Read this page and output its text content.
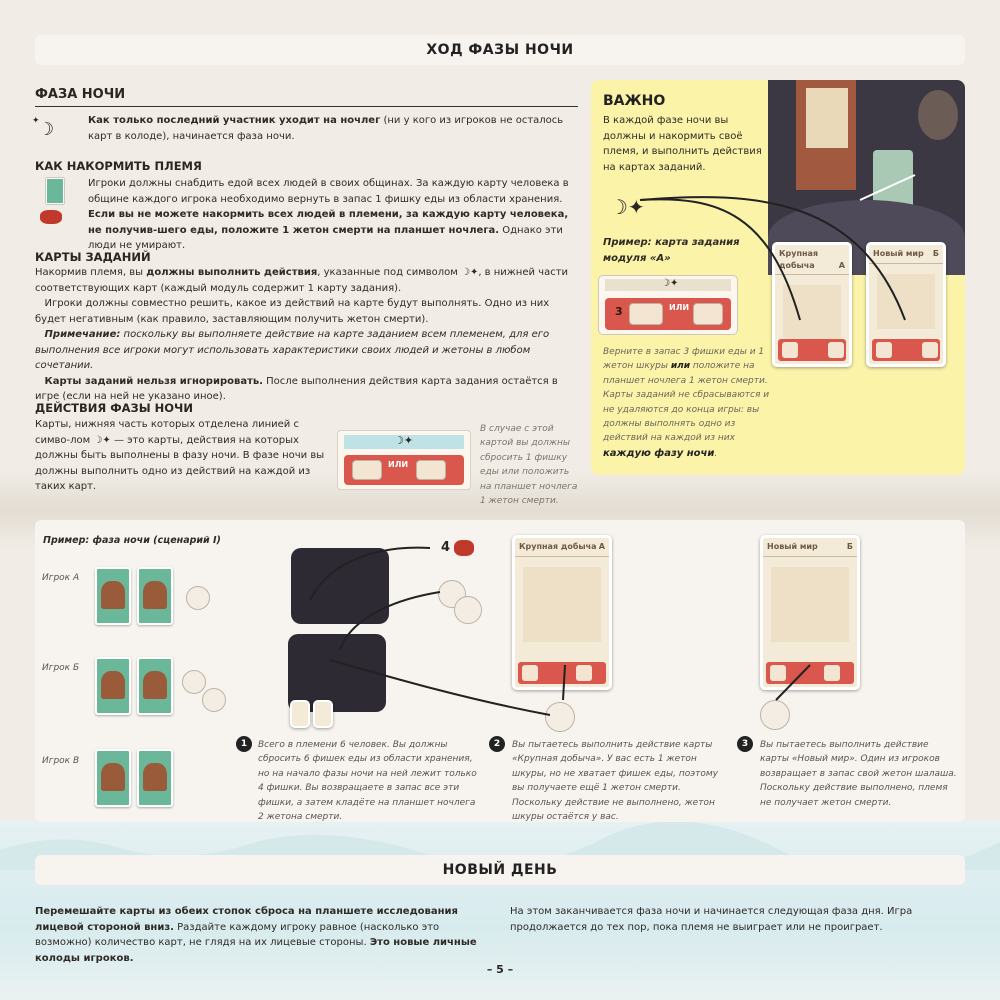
ХОД ФАЗЫ НОЧИ
ФАЗА НОЧИ
☽
✦	Как только последний участник уходит на ночлег (ни у кого из игроков не осталось карт в колоде), начинается фаза ночи.
КАК НАКОРМИТЬ ПЛЕМЯ
Игроки должны снабдить едой всех людей в своих общинах. За каждую карту человека в общине каждого игрока необходимо вернуть в запас 1 фишку еды из области хранения. Если вы не можете накормить всех людей в племени, за каждую карту человека, не получив-шего еды, положите 1 жетон смерти на планшет ночлега. Однако эти люди не умирают.
КАРТЫ ЗАДАНИЙ
Накормив племя, вы должны выполнить действия, указанные под символом ☽✦, в нижней части соответствующих карт (каждый модуль содержит 1 карту задания).
Игроки должны совместно решить, какое из действий на карте будут выполнять. Одно из них будет негативным (как правило, заставляющим получить жетон смерти).
Примечание: поскольку вы выполняете действие на карте заданием всем племенем, для его выполнения все игроки могут использовать характеристики своих людей и жетоны в любом сочетании.
Карты заданий нельзя игнорировать. После выполнения действия карта задания остаётся в игре (если на ней не указано иное).
ДЕЙСТВИЯ ФАЗЫ НОЧИ
Карты, нижняя часть которых отделена линией с симво-лом ☽✦ — это карты, действия на которых должны быть выполнены в фазу ночи. В фазе ночи вы должны выполнить одно из действий на каждой из таких карт.
☽✦
ИЛИ
В случае с этой картой вы должны сбросить 1 фишку еды или положить на планшет ночлега 1 жетон смерти.
ВАЖНО
В каждой фазе ночи вы должны и накормить своё племя, и выполнить действия на картах заданий.
☽✦
Пример: карта задания модуля «А»
☽✦
3	ИЛИ
Верните в запас 3 фишки еды и 1 жетон шкуры или положите на планшет ночлега 1 жетон смерти. Карты заданий не сбрасываются и не удаляются до конца игры: вы должны выполнять одно из действий на каждой из них каждую фазу ночи.
Крупная добыча	А
Новый мир Б
Пример: фаза ночи (сценарий I)
Игрок А
Игрок Б
Игрок В
4	Крупная добыча А	Новый мир	Б
1	Всего в племени 6 человек. Вы должны сбросить 6 фишек еды из области хранения, но на начало фазы ночи на ней лежит только 4 фишки. Вы возвращаете в запас все эти фишки, а затем кладёте на планшет ночлега 2 жетона смерти.
2	Вы пытаетесь выполнить действие карты «Крупная добыча». У вас есть 1 жетон шкуры, но не хватает фишек еды, поэтому вы получаете ещё 1 жетон смерти. Поскольку действие не выполнено, жетон шкуры остаётся у вас.
3	Вы пытаетесь выполнить действие карты «Новый мир». Один из игроков возвращает в запас свой жетон шалаша. Поскольку действие выполнено, племя не получает жетон смерти.
НОВЫЙ ДЕНЬ
Перемешайте карты из обеих стопок сброса на планшете исследования лицевой стороной вниз. Раздайте каждому игроку равное (насколько это возможно) количество карт, не глядя на их лицевые стороны. Это новые личные колоды игроков.
На этом заканчивается фаза ночи и начинается следующая фаза дня. Игра продолжается до тех пор, пока племя не выиграет или не проиграет.
– 5 –
